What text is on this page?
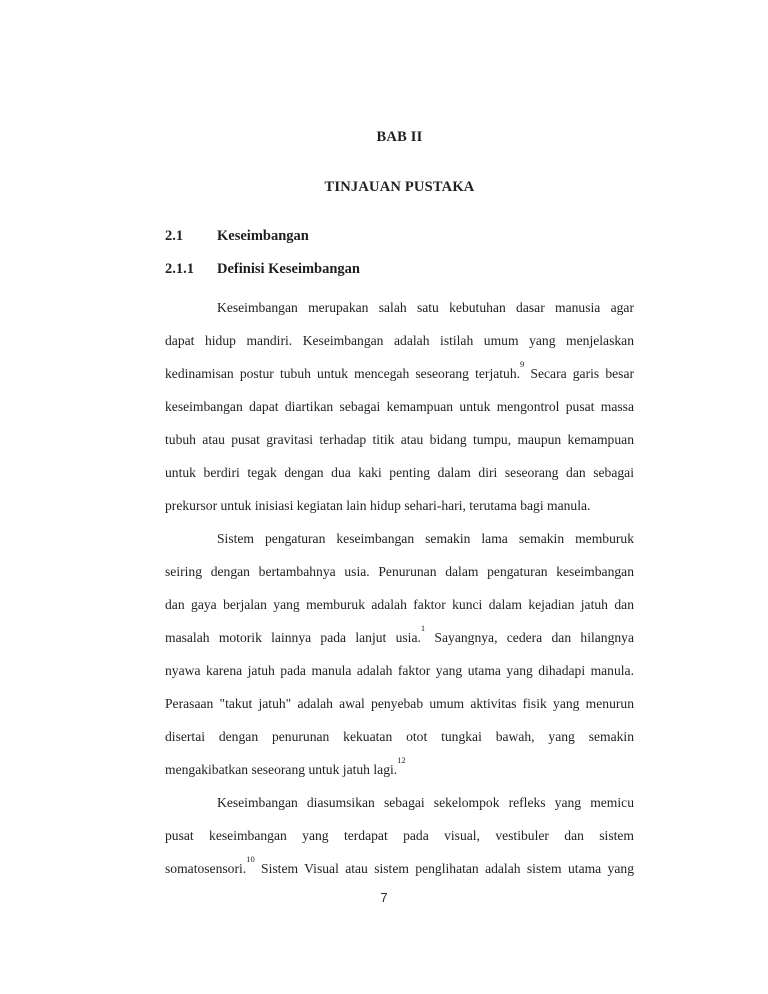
BAB II
TINJAUAN PUSTAKA
2.1	Keseimbangan
2.1.1	Definisi Keseimbangan
Keseimbangan merupakan salah satu kebutuhan dasar manusia agar
dapat hidup mandiri. Keseimbangan adalah istilah umum yang menjelaskan
kedinamisan postur tubuh untuk mencegah seseorang terjatuh.$^9$ Secara garis besar
keseimbangan dapat diartikan sebagai kemampuan untuk mengontrol pusat massa
tubuh atau pusat gravitasi terhadap titik atau bidang tumpu, maupun kemampuan
untuk berdiri tegak dengan dua kaki penting dalam diri seseorang dan sebagai
prekursor untuk inisiasi kegiatan lain hidup sehari-hari, terutama bagi manula.
Sistem pengaturan keseimbangan semakin lama semakin memburuk
seiring dengan bertambahnya usia. Penurunan dalam pengaturan keseimbangan
dan gaya berjalan yang memburuk adalah faktor kunci dalam kejadian jatuh dan
masalah motorik lainnya pada lanjut usia.$^1$ Sayangnya, cedera dan hilangnya
nyawa karena jatuh pada manula adalah faktor yang utama yang dihadapi manula.
Perasaan "takut jatuh" adalah awal penyebab umum aktivitas fisik yang menurun
disertai dengan penurunan kekuatan otot tungkai bawah, yang semakin
mengakibatkan seseorang untuk jatuh lagi.$^{12}$
Keseimbangan diasumsikan sebagai sekelompok refleks yang memicu
pusat keseimbangan yang terdapat pada visual, vestibuler dan sistem
somatosensori.$^{10}$ Sistem Visual atau sistem penglihatan adalah sistem utama yang
7
